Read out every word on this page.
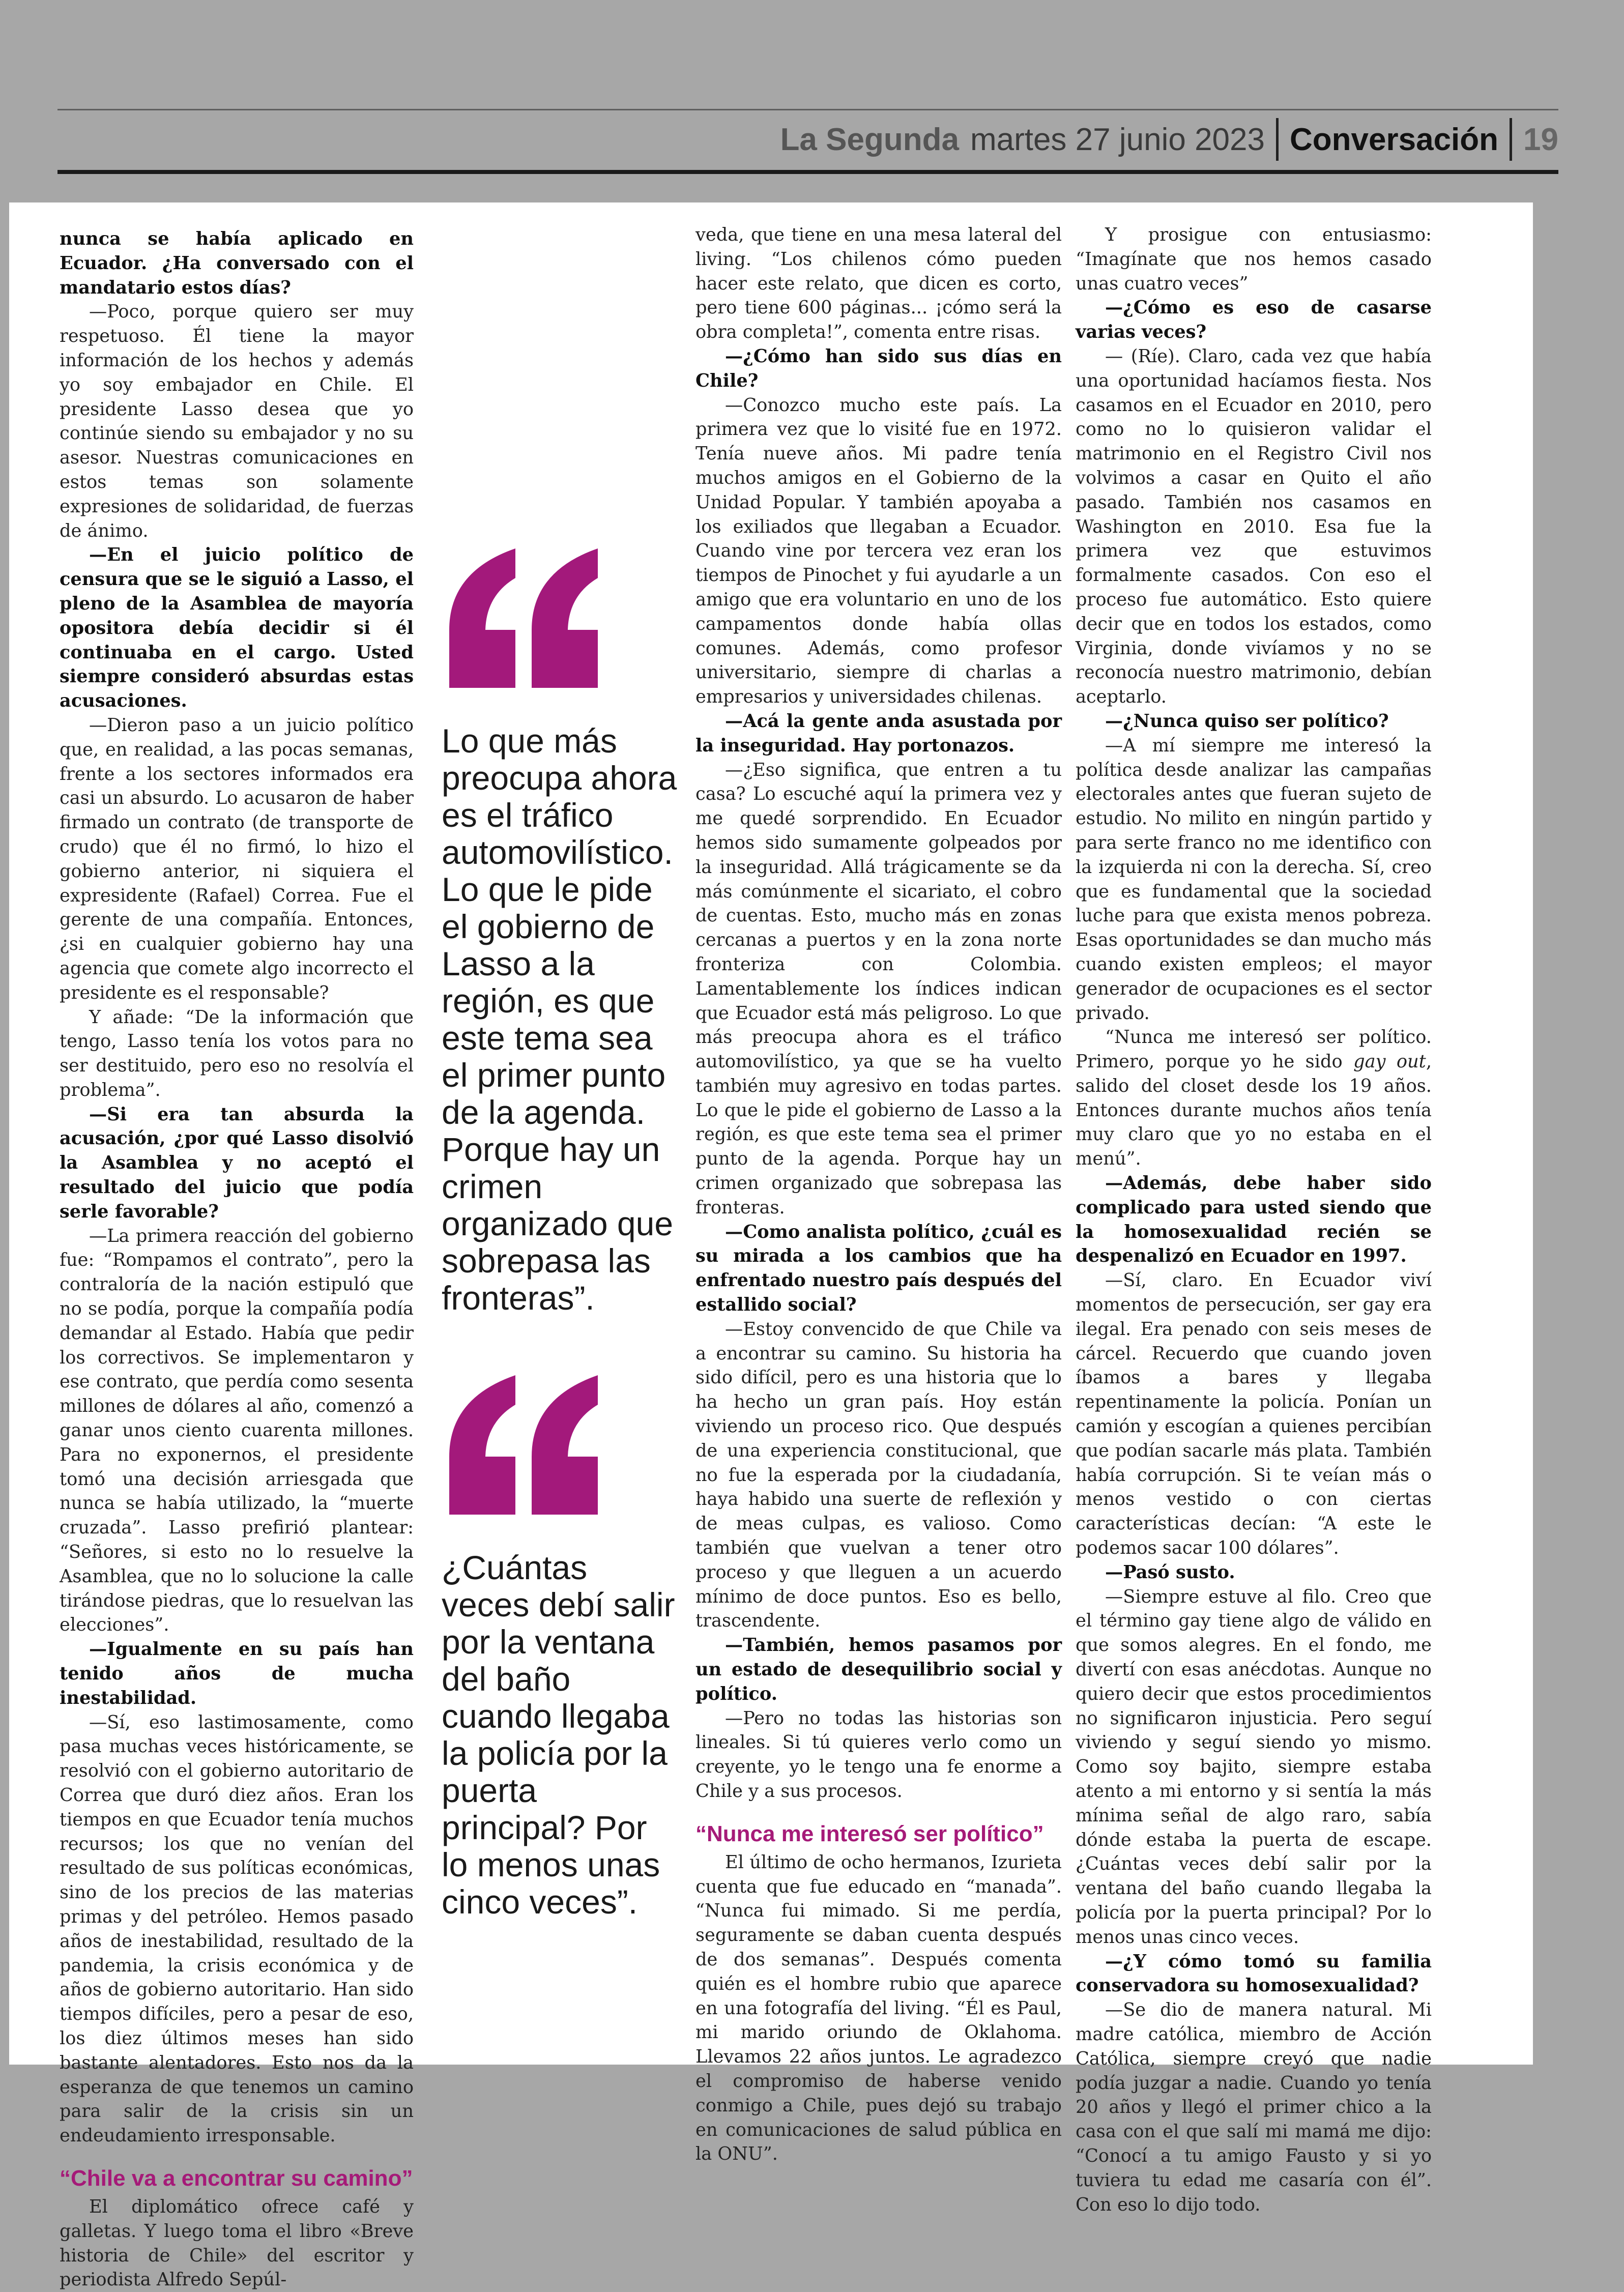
La Segunda martes 27 junio 2023 Conversación 19

nunca se había aplicado en Ecuador. ¿Ha conversado con el mandatario estos días?

—Poco, porque quiero ser muy respetuoso. Él tiene la mayor información de los hechos y además yo soy embajador en Chile. El presidente Lasso desea que yo continúe siendo su embajador y no su asesor. Nuestras comunicaciones en estos temas son solamente expresiones de solidaridad, de fuerzas de ánimo.

—En el juicio político de censura que se le siguió a Lasso, el pleno de la Asamblea de mayoría opositora debía decidir si él continuaba en el cargo. Usted siempre consideró absurdas estas acusaciones.

—Dieron paso a un juicio político que, en realidad, a las pocas semanas, frente a los sectores informados era casi un absurdo. Lo acusaron de haber firmado un contrato (de transporte de crudo) que él no firmó, lo hizo el gobierno anterior, ni siquiera el expresidente (Rafael) Correa. Fue el gerente de una compañía. Entonces, ¿si en cualquier gobierno hay una agencia que comete algo incorrecto el presidente es el responsable?

Y añade: “De la información que tengo, Lasso tenía los votos para no ser destituido, pero eso no resolvía el problema”.

—Si era tan absurda la acusación, ¿por qué Lasso disolvió la Asamblea y no aceptó el resultado del juicio que podía serle favorable?

—La primera reacción del gobierno fue: “Rompamos el contrato”, pero la contraloría de la nación estipuló que no se podía, porque la compañía podía demandar al Estado. Había que pedir los correctivos. Se implementaron y ese contrato, que perdía como sesenta millones de dólares al año, comenzó a ganar unos ciento cuarenta millones. Para no exponernos, el presidente tomó una decisión arriesgada que nunca se había utilizado, la “muerte cruzada”. Lasso prefirió plantear: “Señores, si esto no lo resuelve la Asamblea, que no lo solucione la calle tirándose piedras, que lo resuelvan las elecciones”.

—Igualmente en su país han tenido años de mucha inestabilidad.

—Sí, eso lastimosamente, como pasa muchas veces históricamente, se resolvió con el gobierno autoritario de Correa que duró diez años. Eran los tiempos en que Ecuador tenía muchos recursos; los que no venían del resultado de sus políticas económicas, sino de los precios de las materias primas y del petróleo. Hemos pasado años de inestabilidad, resultado de la pandemia, la crisis económica y de años de gobierno autoritario. Han sido tiempos difíciles, pero a pesar de eso, los diez últimos meses han sido bastante alentadores. Esto nos da la esperanza de que tenemos un camino para salir de la crisis sin un endeudamiento irresponsable.

“Chile va a encontrar su camino”

El diplomático ofrece café y galletas. Y luego toma el libro «Breve historia de Chile» del escritor y periodista Alfredo Sepúl-

Lo que más preocupa ahora es el tráfico automovilístico. Lo que le pide el gobierno de Lasso a la región, es que este tema sea el primer punto de la agenda. Porque hay un crimen organizado que sobrepasa las fronteras”.
¿Cuántas veces debí salir por la ventana del baño cuando llegaba la policía por la puerta principal? Por lo menos unas cinco veces”.

veda, que tiene en una mesa lateral del living. “Los chilenos cómo pueden hacer este relato, que dicen es corto, pero tiene 600 páginas... ¡cómo será la obra completa!”, comenta entre risas.

—¿Cómo han sido sus días en Chile?

—Conozco mucho este país. La primera vez que lo visité fue en 1972. Tenía nueve años. Mi padre tenía muchos amigos en el Gobierno de la Unidad Popular. Y también apoyaba a los exiliados que llegaban a Ecuador. Cuando vine por tercera vez eran los tiempos de Pinochet y fui ayudarle a un amigo que era voluntario en uno de los campamentos donde había ollas comunes. Además, como profesor universitario, siempre di charlas a empresarios y universidades chilenas.

—Acá la gente anda asustada por la inseguridad. Hay portonazos.

—¿Eso significa, que entren a tu casa? Lo escuché aquí la primera vez y me quedé sorprendido. En Ecuador hemos sido sumamente golpeados por la inseguridad. Allá trágicamente se da más comúnmente el sicariato, el cobro de cuentas. Esto, mucho más en zonas cercanas a puertos y en la zona norte fronteriza con Colombia. Lamentablemente los índices indican que Ecuador está más peligroso. Lo que más preocupa ahora es el tráfico automovilístico, ya que se ha vuelto también muy agresivo en todas partes. Lo que le pide el gobierno de Lasso a la región, es que este tema sea el primer punto de la agenda. Porque hay un crimen organizado que sobrepasa las fronteras.

—Como analista político, ¿cuál es su mirada a los cambios que ha enfrentado nuestro país después del estallido social?

—Estoy convencido de que Chile va a encontrar su camino. Su historia ha sido difícil, pero es una historia que lo ha hecho un gran país. Hoy están viviendo un proceso rico. Que después de una experiencia constitucional, que no fue la esperada por la ciudadanía, haya habido una suerte de reflexión y de meas culpas, es valioso. Como también que vuelvan a tener otro proceso y que lleguen a un acuerdo mínimo de doce puntos. Eso es bello, trascendente.

—También, hemos pasamos por un estado de desequilibrio social y político.

—Pero no todas las historias son lineales. Si tú quieres verlo como un creyente, yo le tengo una fe enorme a Chile y a sus procesos.

“Nunca me interesó ser político”

El último de ocho hermanos, Izurieta cuenta que fue educado en “manada”. “Nunca fui mimado. Si me perdía, seguramente se daban cuenta después de dos semanas”. Después comenta quién es el hombre rubio que aparece en una fotografía del living. “Él es Paul, mi marido oriundo de Oklahoma. Llevamos 22 años juntos. Le agradezco el compromiso de haberse venido conmigo a Chile, pues dejó su trabajo en comunicaciones de salud pública en la ONU”.

Y prosigue con entusiasmo: “Imagínate que nos hemos casado unas cuatro veces”

—¿Cómo es eso de casarse varias veces?

— (Ríe). Claro, cada vez que había una oportunidad hacíamos fiesta. Nos casamos en el Ecuador en 2010, pero como no lo quisieron validar el matrimonio en el Registro Civil nos volvimos a casar en Quito el año pasado. También nos casamos en Washington en 2010. Esa fue la primera vez que estuvimos formalmente casados. Con eso el proceso fue automático. Esto quiere decir que en todos los estados, como Virginia, donde vivíamos y no se reconocía nuestro matrimonio, debían aceptarlo.

—¿Nunca quiso ser político?

—A mí siempre me interesó la política desde analizar las campañas electorales antes que fueran sujeto de estudio. No milito en ningún partido y para serte franco no me identifico con la izquierda ni con la derecha. Sí, creo que es fundamental que la sociedad luche para que exista menos pobreza. Esas oportunidades se dan mucho más cuando existen empleos; el mayor generador de ocupaciones es el sector privado.

“Nunca me interesó ser político. Primero, porque yo he sido gay out, salido del closet desde los 19 años. Entonces durante muchos años tenía muy claro que yo no estaba en el menú”.

—Además, debe haber sido complicado para usted siendo que la homosexualidad recién se despenalizó en Ecuador en 1997.

—Sí, claro. En Ecuador viví momentos de persecución, ser gay era ilegal. Era penado con seis meses de cárcel. Recuerdo que cuando joven íbamos a bares y llegaba repentinamente la policía. Ponían un camión y escogían a quienes percibían que podían sacarle más plata. También había corrupción. Si te veían más o menos vestido o con ciertas características decían: “A este le podemos sacar 100 dólares”.

—Pasó susto.

—Siempre estuve al filo. Creo que el término gay tiene algo de válido en que somos alegres. En el fondo, me divertí con esas anécdotas. Aunque no quiero decir que estos procedimientos no significaron injusticia. Pero seguí viviendo y seguí siendo yo mismo. Como soy bajito, siempre estaba atento a mi entorno y si sentía la más mínima señal de algo raro, sabía dónde estaba la puerta de escape. ¿Cuántas veces debí salir por la ventana del baño cuando llegaba la policía por la puerta principal? Por lo menos unas cinco veces.

—¿Y cómo tomó su familia conservadora su homosexualidad?

—Se dio de manera natural. Mi madre católica, miembro de Acción Católica, siempre creyó que nadie podía juzgar a nadie. Cuando yo tenía 20 años y llegó el primer chico a la casa con el que salí mi mamá me dijo: “Conocí a tu amigo Fausto y si yo tuviera tu edad me casaría con él”. Con eso lo dijo todo.
